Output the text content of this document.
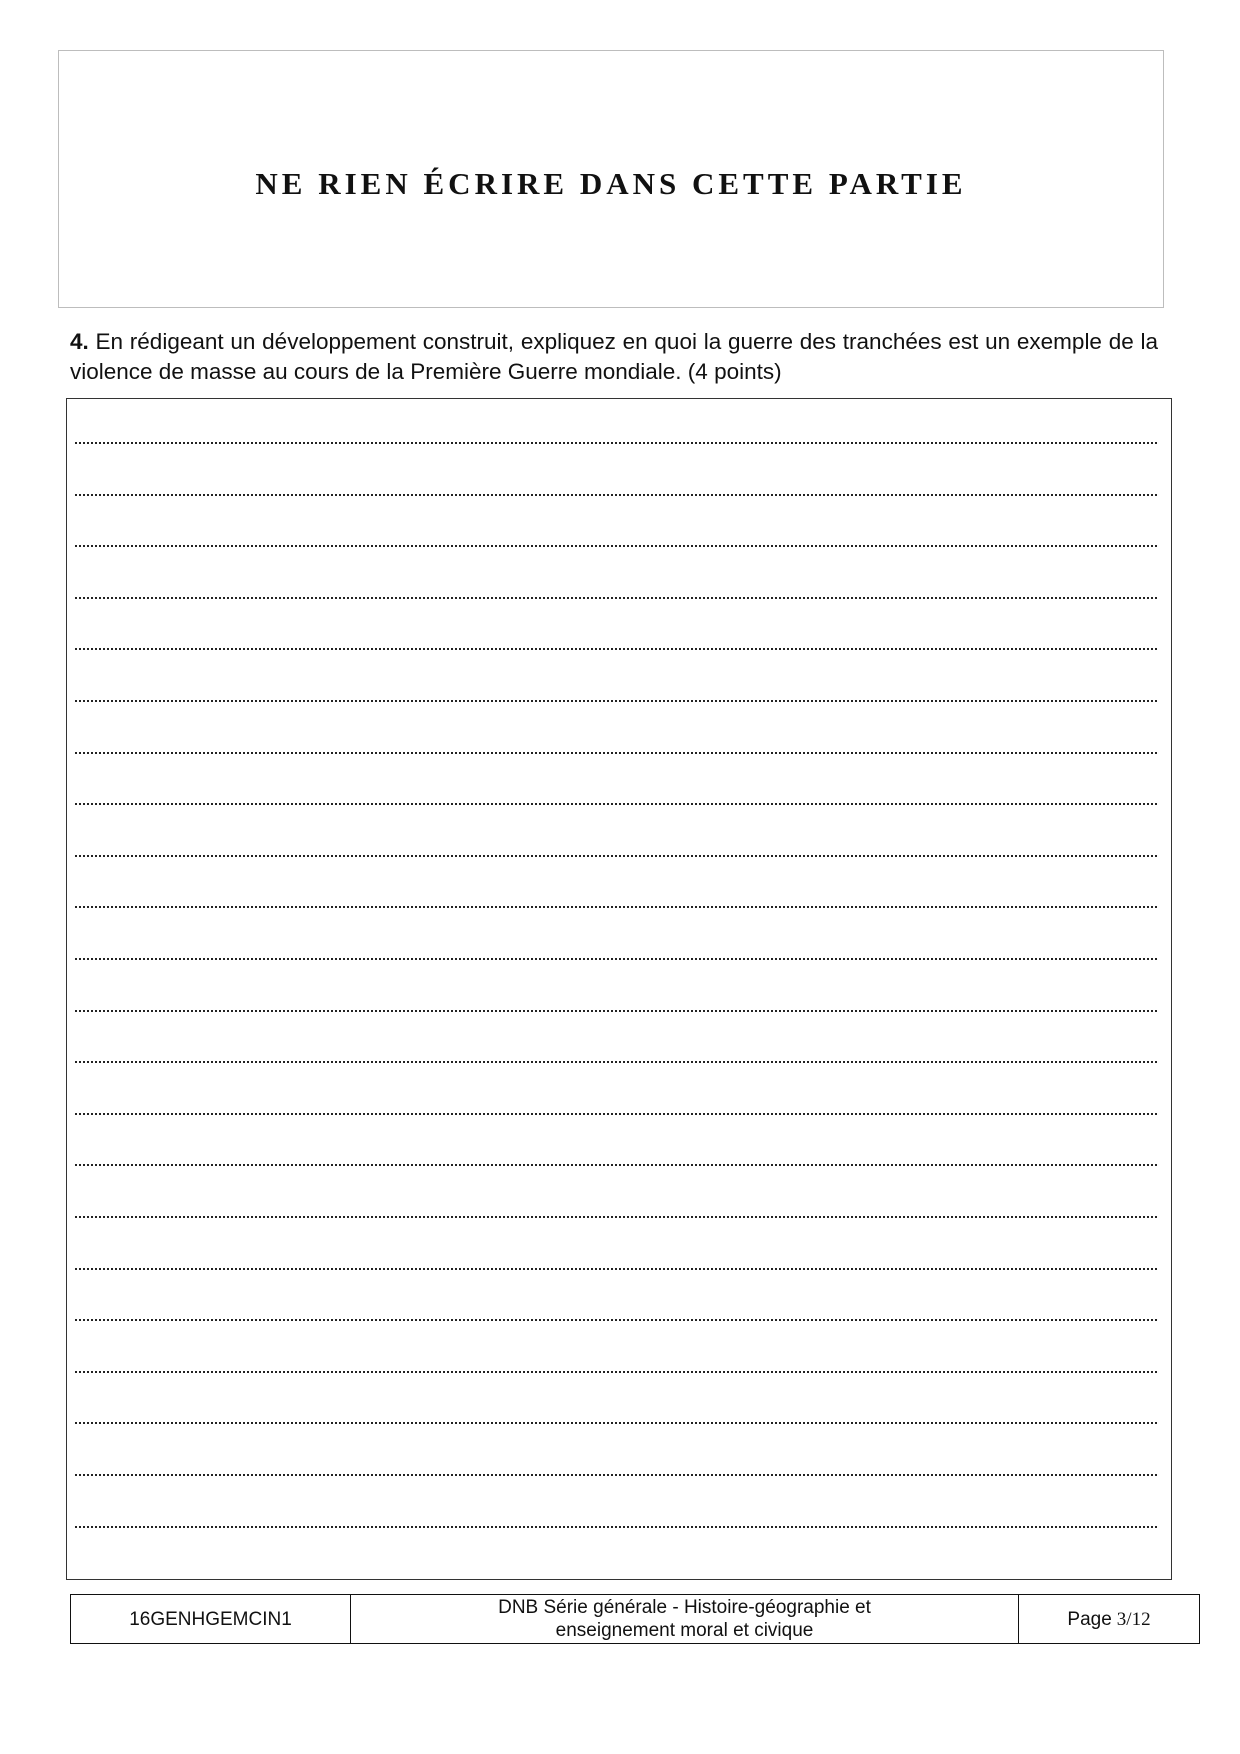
NE RIEN ÉCRIRE DANS CETTE PARTIE
4. En rédigeant un développement construit, expliquez en quoi la guerre des tranchées est un exemple de la violence de masse au cours de la Première Guerre mondiale. (4 points)
16GENHGEMCIN1
DNB Série générale - Histoire-géographie et
enseignement moral et civique
Page 3/12
